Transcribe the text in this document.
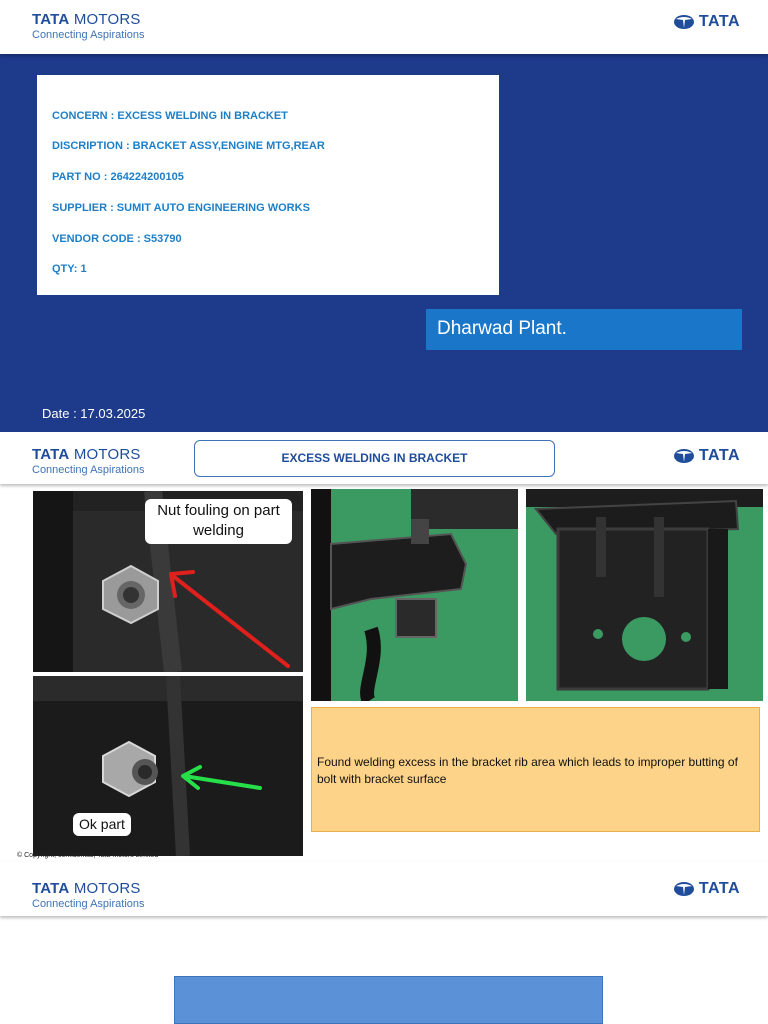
TATA MOTORS
Connecting Aspirations
TATA
CONCERN : EXCESS WELDING IN BRACKET
DISCRIPTION : BRACKET ASSY,ENGINE MTG,REAR
PART NO : 264224200105
SUPPLIER : SUMIT AUTO ENGINEERING WORKS
VENDOR CODE : S53790
QTY: 1
Dharwad Plant.
Date : 17.03.2025
TATA MOTORS
Connecting Aspirations
TATA
EXCESS WELDING IN BRACKET
Nut fouling on part
welding
Ok part
Found welding excess in the bracket rib area which leads to improper butting of bolt with bracket surface
© Copyright, confidential, Tata Motors Limited
TATA MOTORS
Connecting Aspirations
TATA
